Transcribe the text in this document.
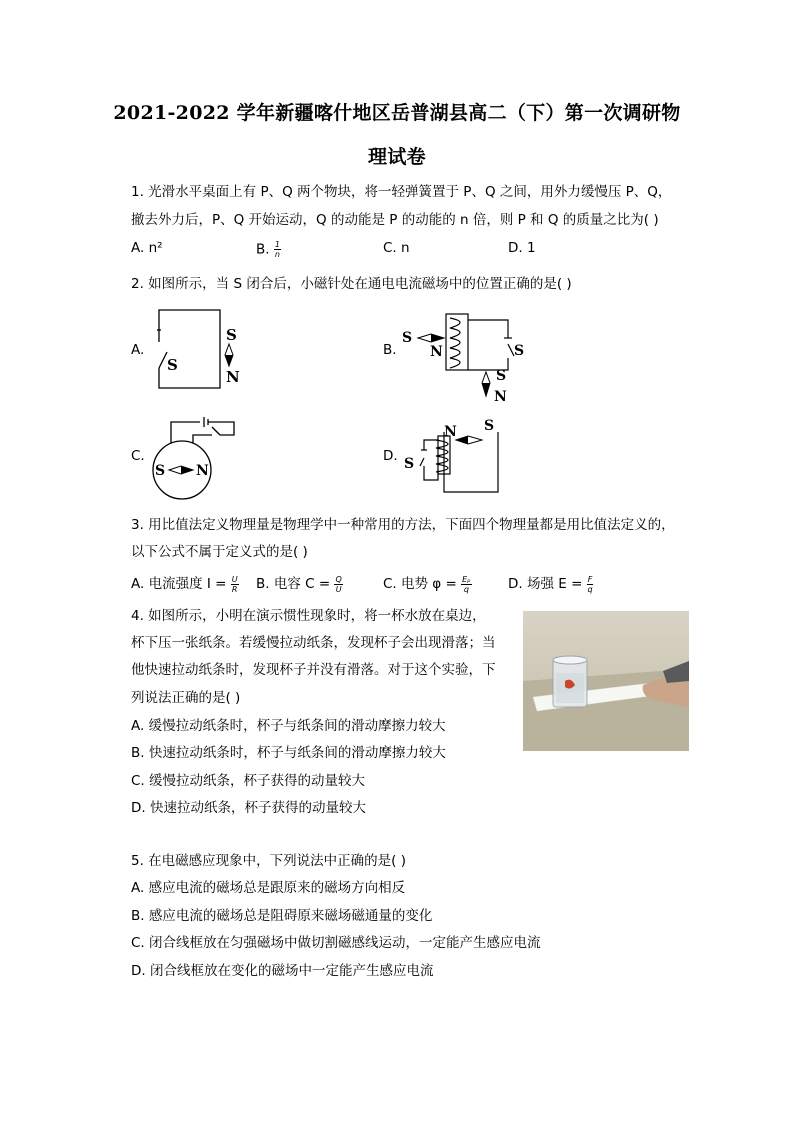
2021-2022 学年新疆喀什地区岳普湖县高二（下）第一次调研物
理试卷
1. 光滑水平桌面上有 P、Q 两个物块，将一轻弹簧置于 P、Q 之间，用外力缓慢压 P、Q，
撤去外力后，P、Q 开始运动，Q 的动能是 P 的动能的 n 倍，则 P 和 Q 的质量之比为( )
A. n²	B. $\frac{1}{n}$	C. n	D. 1
2. 如图所示，当 S 闭合后，小磁针处在通电电流磁场中的位置正确的是( )
A.	B.
C.	D.
S
S
N
S
N	S
S
N
S N
N S
S
3. 用比值法定义物理量是物理学中一种常用的方法，下面四个物理量都是用比值法定义的，
以下公式不属于定义式的是( )
A. 电流强度 $I = \frac{U}{R} B$. 电容 $C = \frac{Q}{U}$	C. 电势 $\varphi = \frac{\text{Eₚ}}{q}$	D. 场强 $E = \frac{F}{q}$
4. 如图所示，小明在演示惯性现象时，将一杯水放在桌边，
杯下压一张纸条。若缓慢拉动纸条，发现杯子会出现滑落；当
他快速拉动纸条时，发现杯子并没有滑落。对于这个实验，下
列说法正确的是( )
A. 缓慢拉动纸条时，杯子与纸条间的滑动摩擦力较大
B. 快速拉动纸条时，杯子与纸条间的滑动摩擦力较大
C. 缓慢拉动纸条，杯子获得的动量较大
D. 快速拉动纸条，杯子获得的动量较大
5. 在电磁感应现象中，下列说法中正确的是( )
A. 感应电流的磁场总是跟原来的磁场方向相反
B. 感应电流的磁场总是阻碍原来磁场磁通量的变化
C. 闭合线框放在匀强磁场中做切割磁感线运动，一定能产生感应电流
D. 闭合线框放在变化的磁场中一定能产生感应电流
